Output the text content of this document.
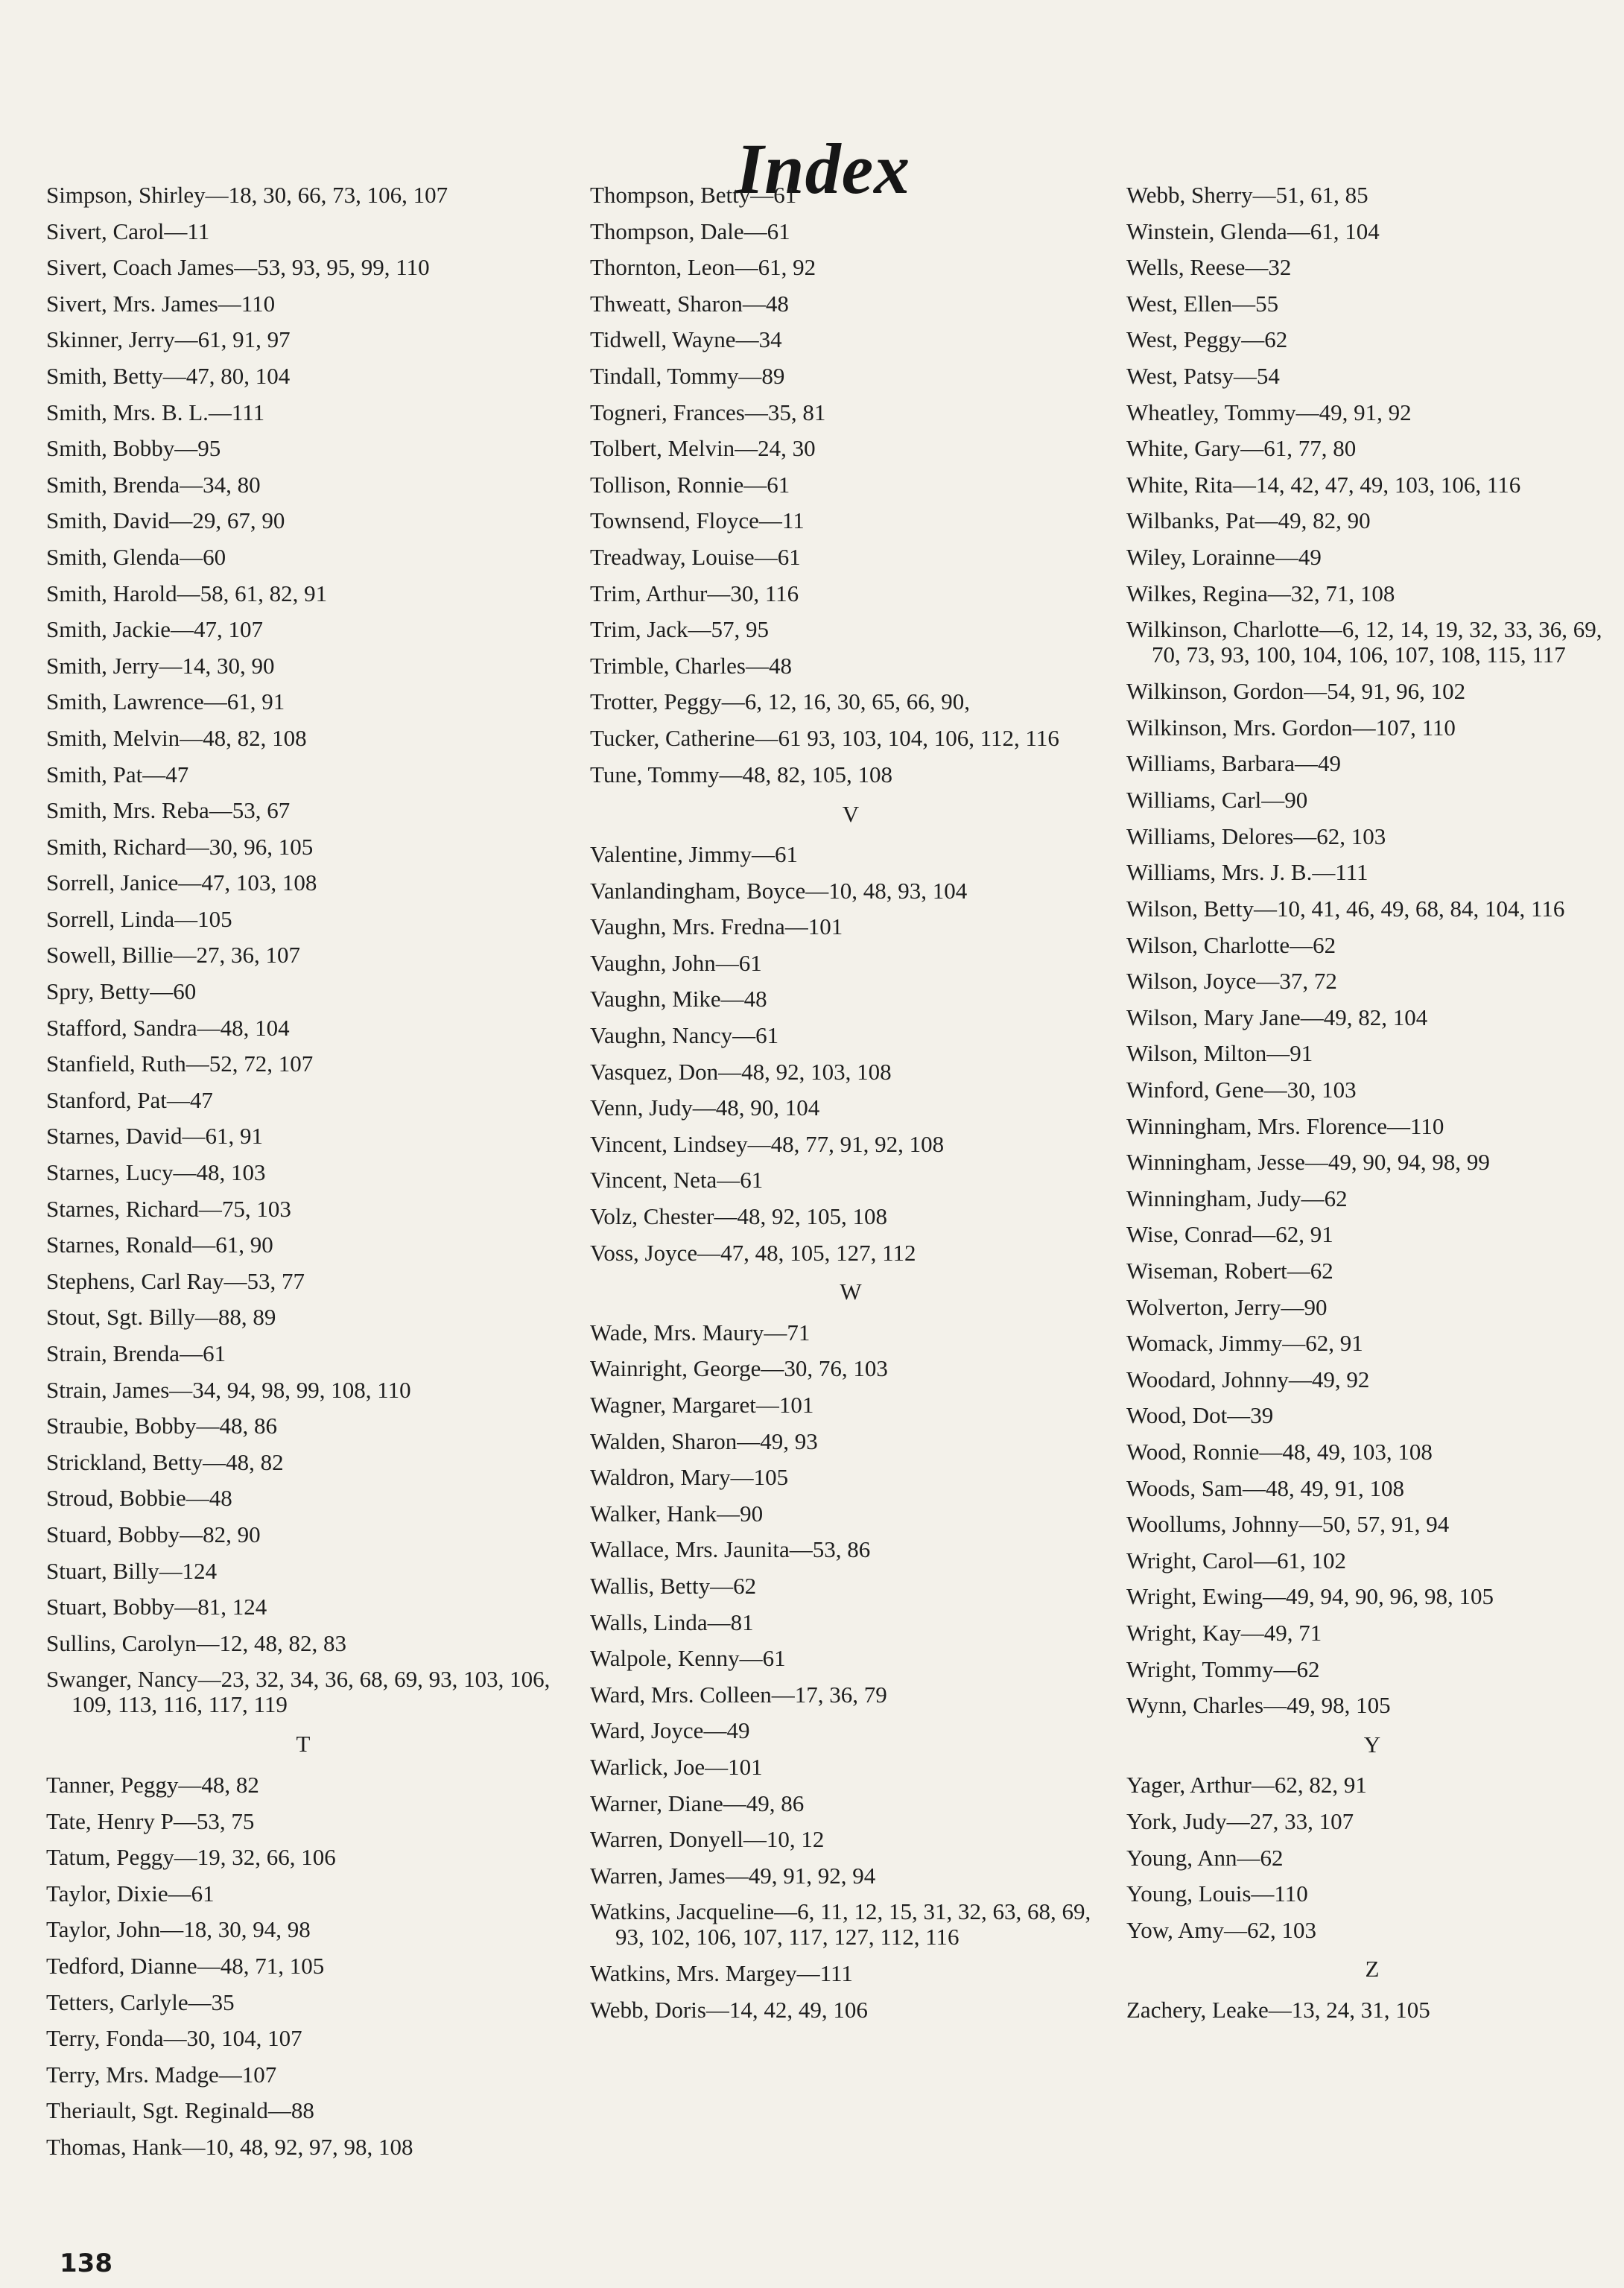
Index
Simpson, Shirley—18, 30, 66, 73, 106, 107
Sivert, Carol—11
Sivert, Coach James—53, 93, 95, 99, 110
Sivert, Mrs. James—110
Skinner, Jerry—61, 91, 97
Smith, Betty—47, 80, 104
Smith, Mrs. B. L.—111
Smith, Bobby—95
Smith, Brenda—34, 80
Smith, David—29, 67, 90
Smith, Glenda—60
Smith, Harold—58, 61, 82, 91
Smith, Jackie—47, 107
Smith, Jerry—14, 30, 90
Smith, Lawrence—61, 91
Smith, Melvin—48, 82, 108
Smith, Pat—47
Smith, Mrs. Reba—53, 67
Smith, Richard—30, 96, 105
Sorrell, Janice—47, 103, 108
Sorrell, Linda—105
Sowell, Billie—27, 36, 107
Spry, Betty—60
Stafford, Sandra—48, 104
Stanfield, Ruth—52, 72, 107
Stanford, Pat—47
Starnes, David—61, 91
Starnes, Lucy—48, 103
Starnes, Richard—75, 103
Starnes, Ronald—61, 90
Stephens, Carl Ray—53, 77
Stout, Sgt. Billy—88, 89
Strain, Brenda—61
Strain, James—34, 94, 98, 99, 108, 110
Straubie, Bobby—48, 86
Strickland, Betty—48, 82
Stroud, Bobbie—48
Stuard, Bobby—82, 90
Stuart, Billy—124
Stuart, Bobby—81, 124
Sullins, Carolyn—12, 48, 82, 83
Swanger, Nancy—23, 32, 34, 36, 68, 69, 93, 103, 106, 109, 113, 116, 117, 119
T
Tanner, Peggy—48, 82
Tate, Henry P—53, 75
Tatum, Peggy—19, 32, 66, 106
Taylor, Dixie—61
Taylor, John—18, 30, 94, 98
Tedford, Dianne—48, 71, 105
Tetters, Carlyle—35
Terry, Fonda—30, 104, 107
Terry, Mrs. Madge—107
Theriault, Sgt. Reginald—88
Thomas, Hank—10, 48, 92, 97, 98, 108
Thompson, Betty—61
Thompson, Dale—61
Thornton, Leon—61, 92
Thweatt, Sharon—48
Tidwell, Wayne—34
Tindall, Tommy—89
Togneri, Frances—35, 81
Tolbert, Melvin—24, 30
Tollison, Ronnie—61
Townsend, Floyce—11
Treadway, Louise—61
Trim, Arthur—30, 116
Trim, Jack—57, 95
Trimble, Charles—48
Trotter, Peggy—6, 12, 16, 30, 65, 66, 90,
Tucker, Catherine—61 93, 103, 104, 106, 112, 116
Tune, Tommy—48, 82, 105, 108
V
Valentine, Jimmy—61
Vanlandingham, Boyce—10, 48, 93, 104
Vaughn, Mrs. Fredna—101
Vaughn, John—61
Vaughn, Mike—48
Vaughn, Nancy—61
Vasquez, Don—48, 92, 103, 108
Venn, Judy—48, 90, 104
Vincent, Lindsey—48, 77, 91, 92, 108
Vincent, Neta—61
Volz, Chester—48, 92, 105, 108
Voss, Joyce—47, 48, 105, 127, 112
W
Wade, Mrs. Maury—71
Wainright, George—30, 76, 103
Wagner, Margaret—101
Walden, Sharon—49, 93
Waldron, Mary—105
Walker, Hank—90
Wallace, Mrs. Jaunita—53, 86
Wallis, Betty—62
Walls, Linda—81
Walpole, Kenny—61
Ward, Mrs. Colleen—17, 36, 79
Ward, Joyce—49
Warlick, Joe—101
Warner, Diane—49, 86
Warren, Donyell—10, 12
Warren, James—49, 91, 92, 94
Watkins, Jacqueline—6, 11, 12, 15, 31, 32, 63, 68, 69, 93, 102, 106, 107, 117, 127, 112, 116
Watkins, Mrs. Margey—111
Webb, Doris—14, 42, 49, 106
Webb, Sherry—51, 61, 85
Winstein, Glenda—61, 104
Wells, Reese—32
West, Ellen—55
West, Peggy—62
West, Patsy—54
Wheatley, Tommy—49, 91, 92
White, Gary—61, 77, 80
White, Rita—14, 42, 47, 49, 103, 106, 116
Wilbanks, Pat—49, 82, 90
Wiley, Lorainne—49
Wilkes, Regina—32, 71, 108
Wilkinson, Charlotte—6, 12, 14, 19, 32, 33, 36, 69, 70, 73, 93, 100, 104, 106, 107, 108, 115, 117
Wilkinson, Gordon—54, 91, 96, 102
Wilkinson, Mrs. Gordon—107, 110
Williams, Barbara—49
Williams, Carl—90
Williams, Delores—62, 103
Williams, Mrs. J. B.—111
Wilson, Betty—10, 41, 46, 49, 68, 84, 104, 116
Wilson, Charlotte—62
Wilson, Joyce—37, 72
Wilson, Mary Jane—49, 82, 104
Wilson, Milton—91
Winford, Gene—30, 103
Winningham, Mrs. Florence—110
Winningham, Jesse—49, 90, 94, 98, 99
Winningham, Judy—62
Wise, Conrad—62, 91
Wiseman, Robert—62
Wolverton, Jerry—90
Womack, Jimmy—62, 91
Woodard, Johnny—49, 92
Wood, Dot—39
Wood, Ronnie—48, 49, 103, 108
Woods, Sam—48, 49, 91, 108
Woollums, Johnny—50, 57, 91, 94
Wright, Carol—61, 102
Wright, Ewing—49, 94, 90, 96, 98, 105
Wright, Kay—49, 71
Wright, Tommy—62
Wynn, Charles—49, 98, 105
Y
Yager, Arthur—62, 82, 91
York, Judy—27, 33, 107
Young, Ann—62
Young, Louis—110
Yow, Amy—62, 103
Z
Zachery, Leake—13, 24, 31, 105
138
